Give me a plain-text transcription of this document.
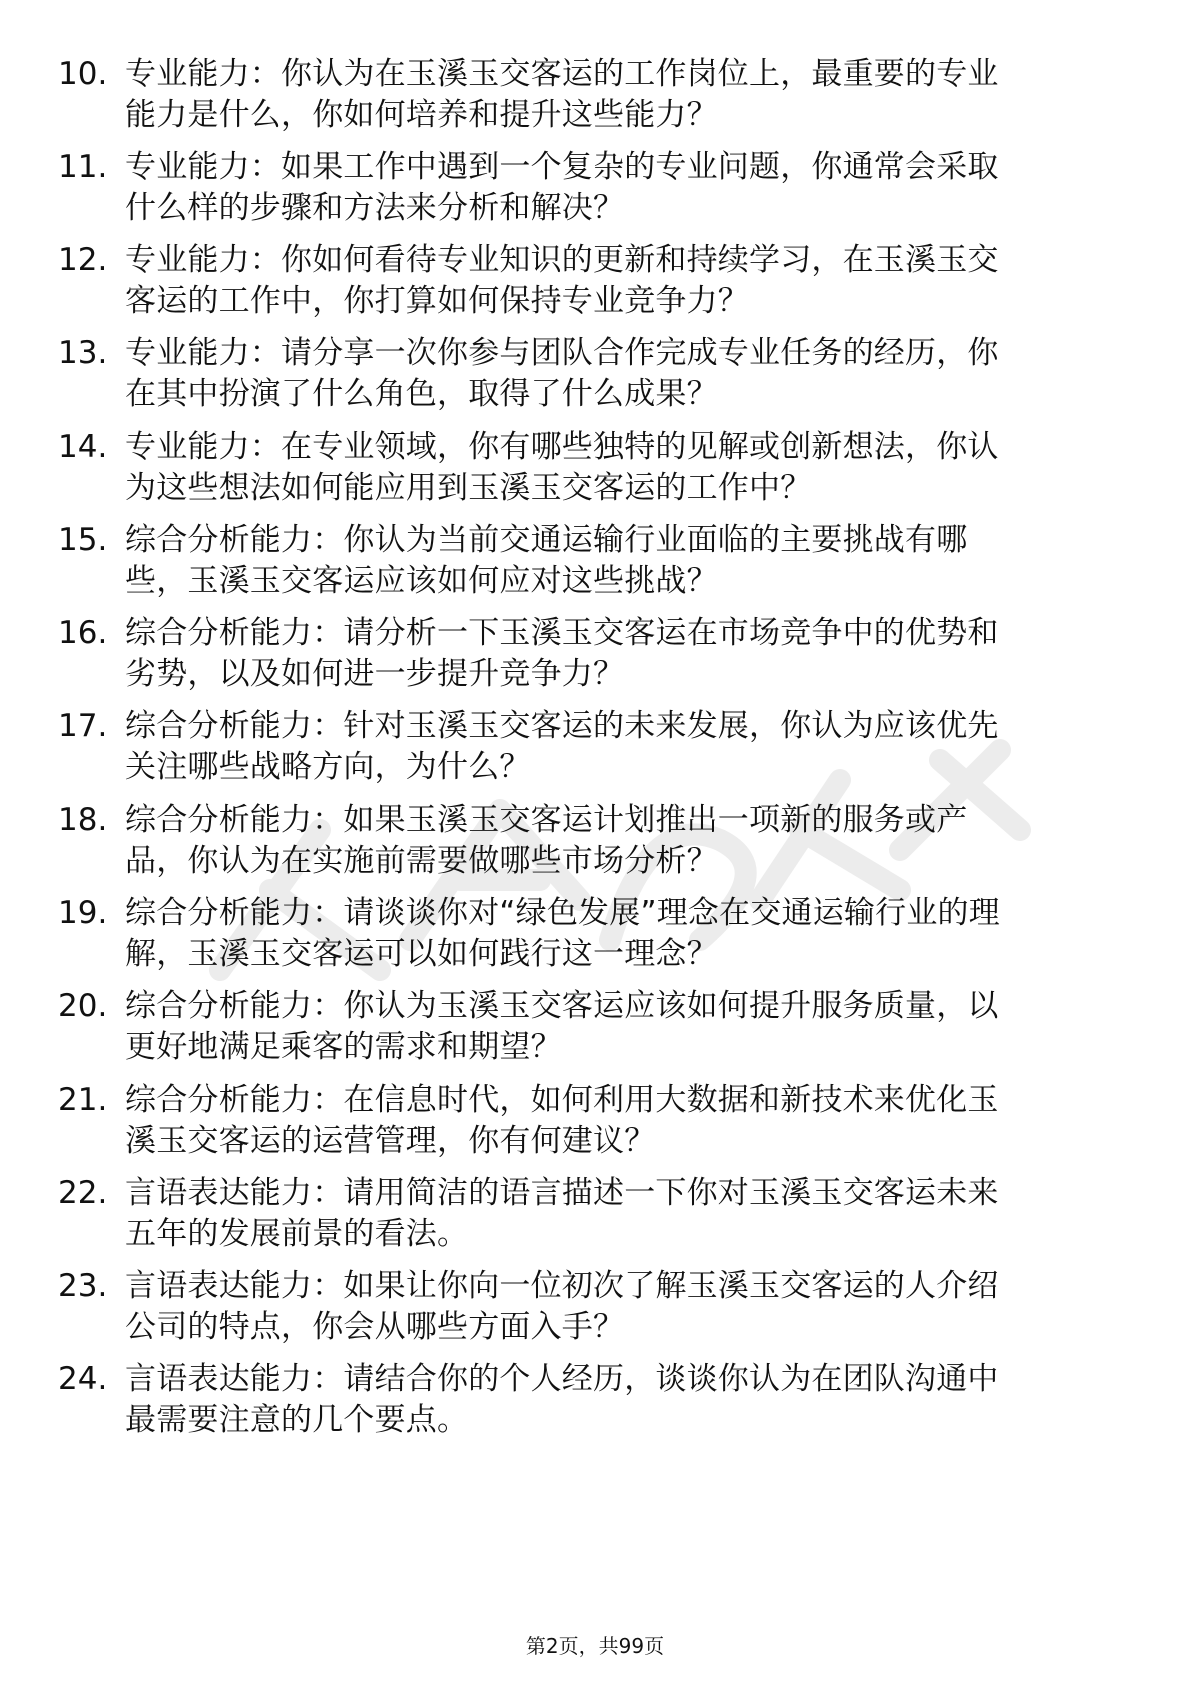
10. 专业能力：你认为在玉溪玉交客运的工作岗位上，最重要的专业
能力是什么，你如何培养和提升这些能力？
11. 专业能力：如果工作中遇到一个复杂的专业问题，你通常会采取
什么样的步骤和方法来分析和解决？
12. 专业能力：你如何看待专业知识的更新和持续学习，在玉溪玉交
客运的工作中，你打算如何保持专业竞争力？
13. 专业能力：请分享一次你参与团队合作完成专业任务的经历，你
在其中扮演了什么角色，取得了什么成果？
14. 专业能力：在专业领域，你有哪些独特的见解或创新想法，你认
为这些想法如何能应用到玉溪玉交客运的工作中？
15. 综合分析能力：你认为当前交通运输行业面临的主要挑战有哪
些，玉溪玉交客运应该如何应对这些挑战？
16. 综合分析能力：请分析一下玉溪玉交客运在市场竞争中的优势和
劣势，以及如何进一步提升竞争力？
17. 综合分析能力：针对玉溪玉交客运的未来发展，你认为应该优先
关注哪些战略方向，为什么？
18. 综合分析能力：如果玉溪玉交客运计划推出一项新的服务或产
品，你认为在实施前需要做哪些市场分析？
19. 综合分析能力：请谈谈你对“绿色发展”理念在交通运输行业的理
解，玉溪玉交客运可以如何践行这一理念？
20. 综合分析能力：你认为玉溪玉交客运应该如何提升服务质量，以
更好地满足乘客的需求和期望？
21. 综合分析能力：在信息时代，如何利用大数据和新技术来优化玉
溪玉交客运的运营管理，你有何建议？
22. 言语表达能力：请用简洁的语言描述一下你对玉溪玉交客运未来
五年的发展前景的看法。
23. 言语表达能力：如果让你向一位初次了解玉溪玉交客运的人介绍
公司的特点，你会从哪些方面入手？
24. 言语表达能力：请结合你的个人经历，谈谈你认为在团队沟通中
最需要注意的几个要点。
第2页，共99页
